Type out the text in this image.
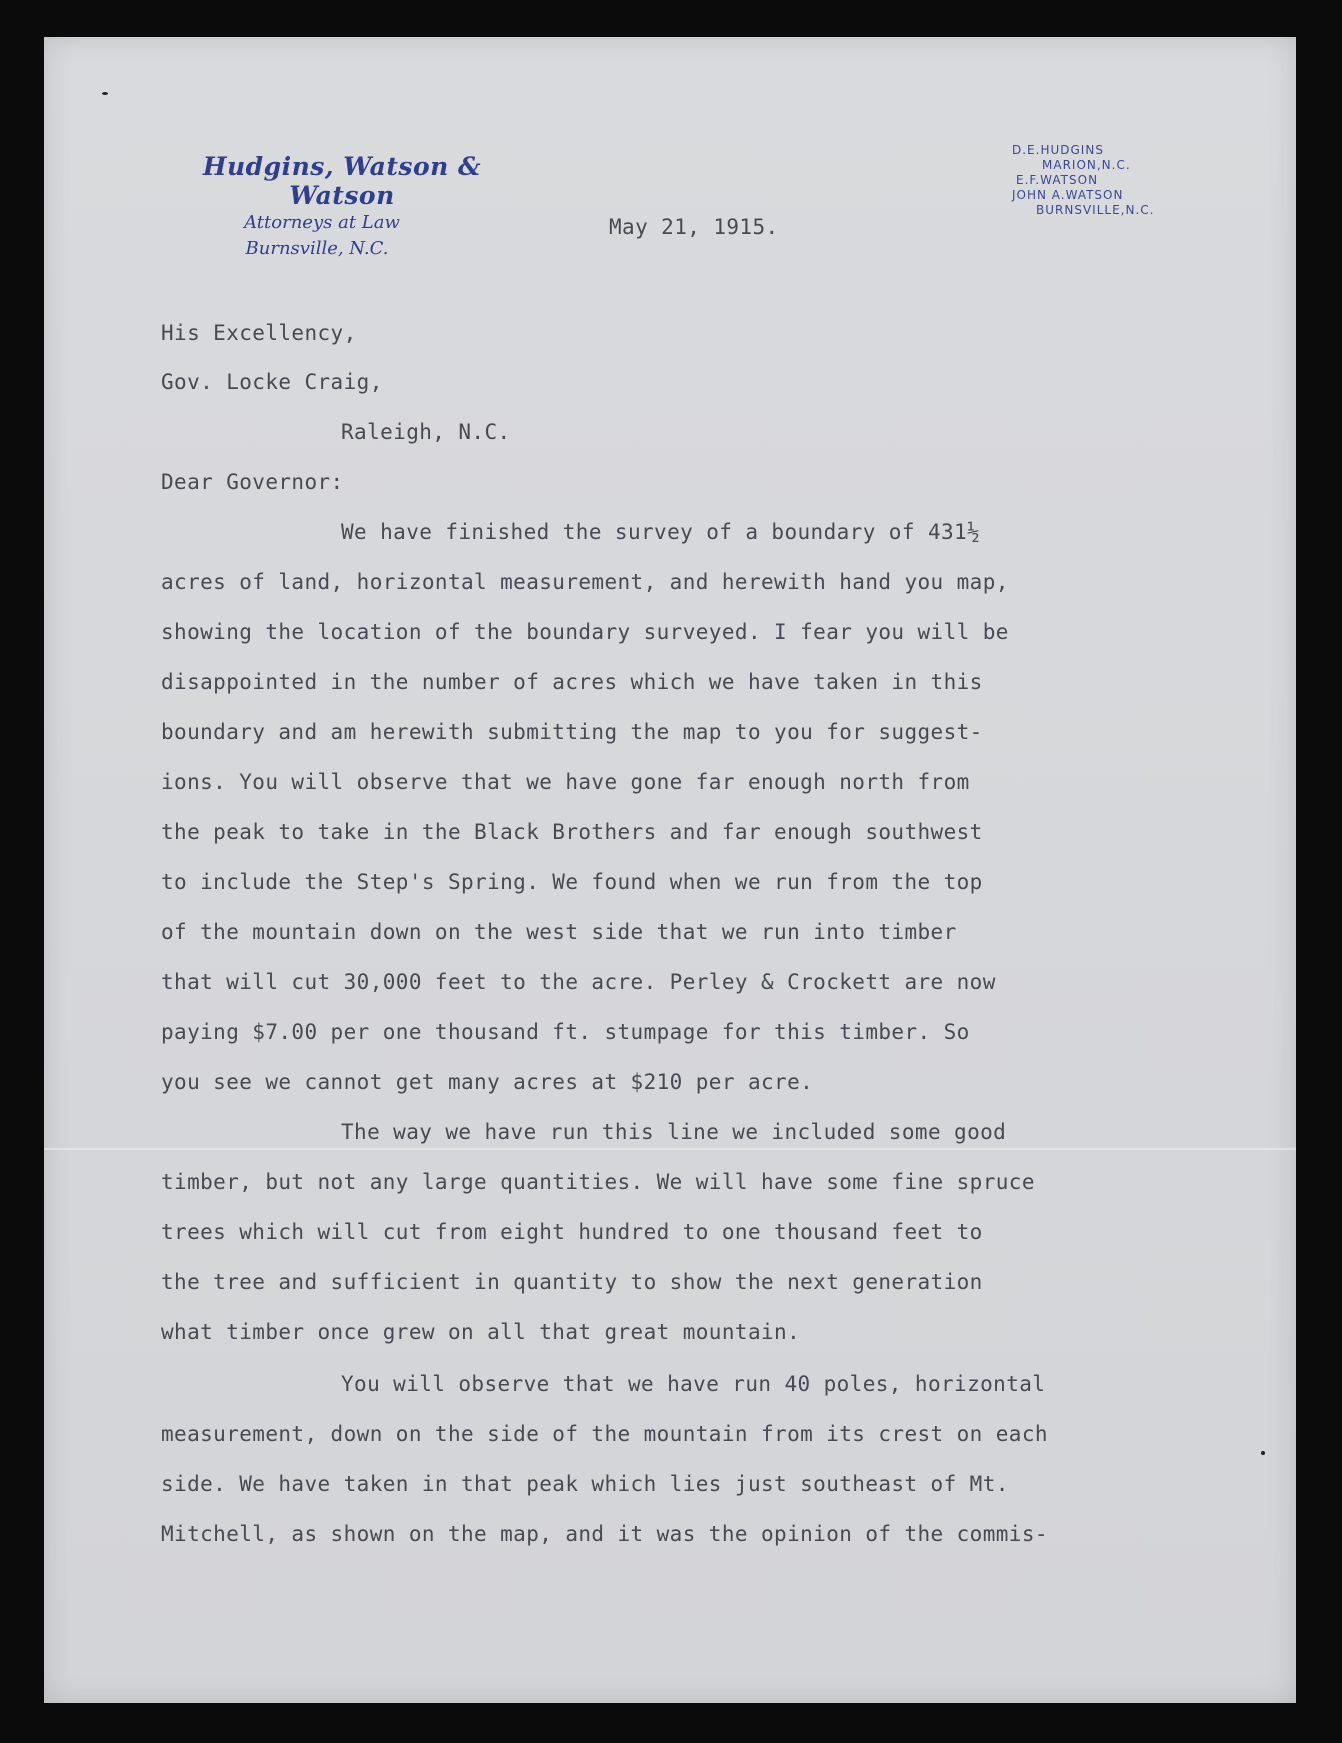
Hudgins, Watson & Watson
Attorneys at Law
Burnsville, N.C.
D.E.HUDGINS
MARION,N.C.
E.F.WATSON
JOHN A.WATSON
BURNSVILLE,N.C.
May 21, 1915.
His Excellency,
Gov. Locke Craig,
Raleigh, N.C.
Dear Governor:
We have finished the survey of a boundary of 431½
acres of land, horizontal measurement, and herewith hand you map,
showing the location of the boundary surveyed. I fear you will be
disappointed in the number of acres which we have taken in this
boundary and am herewith submitting the map to you for suggest-
ions. You will observe that we have gone far enough north from
the peak to take in the Black Brothers and far enough southwest
to include the Step's Spring. We found when we run from the top
of the mountain down on the west side that we run into timber
that will cut 30,000 feet to the acre. Perley & Crockett are now
paying $7.00 per one thousand ft. stumpage for this timber. So
you see we cannot get many acres at $210 per acre.
The way we have run this line we included some good
timber, but not any large quantities. We will have some fine spruce
trees which will cut from eight hundred to one thousand feet to
the tree and sufficient in quantity to show the next generation
what timber once grew on all that great mountain.
You will observe that we have run 40 poles, horizontal
measurement, down on the side of the mountain from its crest on each
side. We have taken in that peak which lies just southeast of Mt.
Mitchell, as shown on the map, and it was the opinion of the commis-
